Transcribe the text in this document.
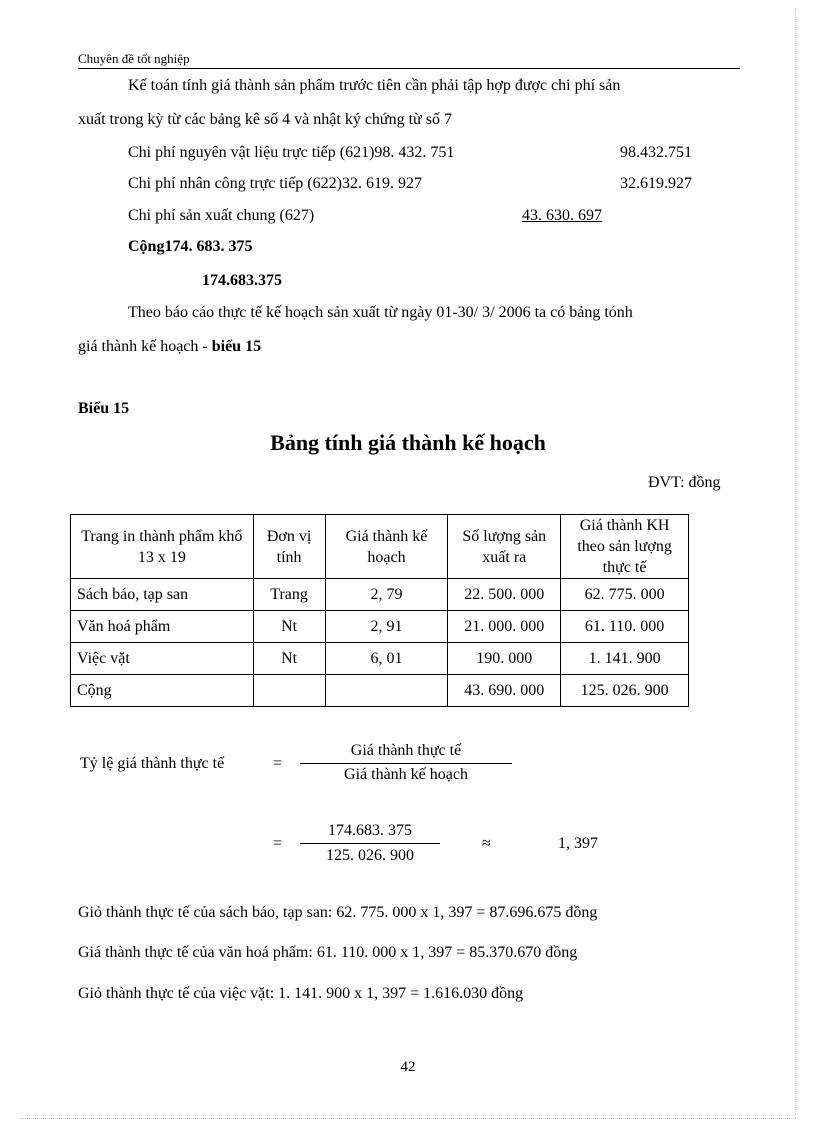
Chuyên đề tốt nghiệp
Kế toán tính giá thành sản phẩm trước tiên cần phải tập hợp được chi phí sản
xuất trong kỳ từ các bảng kê số 4 và nhật ký chứng từ số 7
Chi phí nguyên vật liệu trực tiếp (621)98. 432. 751	98.432.751
Chi phí nhân công trực tiếp (622)32. 619. 927	32.619.927
Chi phí sản xuất chung (627)	43. 630. 697
Cộng174. 683. 375
174.683.375
Theo báo cáo thực tế kế hoạch sản xuất từ ngày 01-30/ 3/ 2006 ta có bảng tónh
giá thành kế hoạch - biểu 15
Biểu 15
Bảng tính giá thành kế hoạch
ĐVT: đồng
Trang in thành phẩm khổ 13 x 19	Đơn vị tính	Giá thành kế hoạch	Số lượng sản xuất ra	Giá thành KH theo sản lượng thực tế
Sách báo, tạp san	Trang	2, 79	22. 500. 000	62. 775. 000
Văn hoá phẩm	Nt	2, 91	21. 000. 000	61. 110. 000
Việc vặt	Nt	6, 01	190. 000	1. 141. 900
Cộng			43. 690. 000	125. 026. 900
Tỷ lệ giá thành thực tế	=
Giá thành thực tế
Giá thành kế hoạch
=
174.683. 375
125. 026. 900
≈	1, 397
Giỏ thành thực tế của sách báo, tạp san: 62. 775. 000 x 1, 397 = 87.696.675 đồng
Giá thành thực tế của văn hoá phẩm: 61. 110. 000 x 1, 397 = 85.370.670 đồng
Giỏ thành thực tế của việc vặt: 1. 141. 900 x 1, 397 = 1.616.030 đồng
42
